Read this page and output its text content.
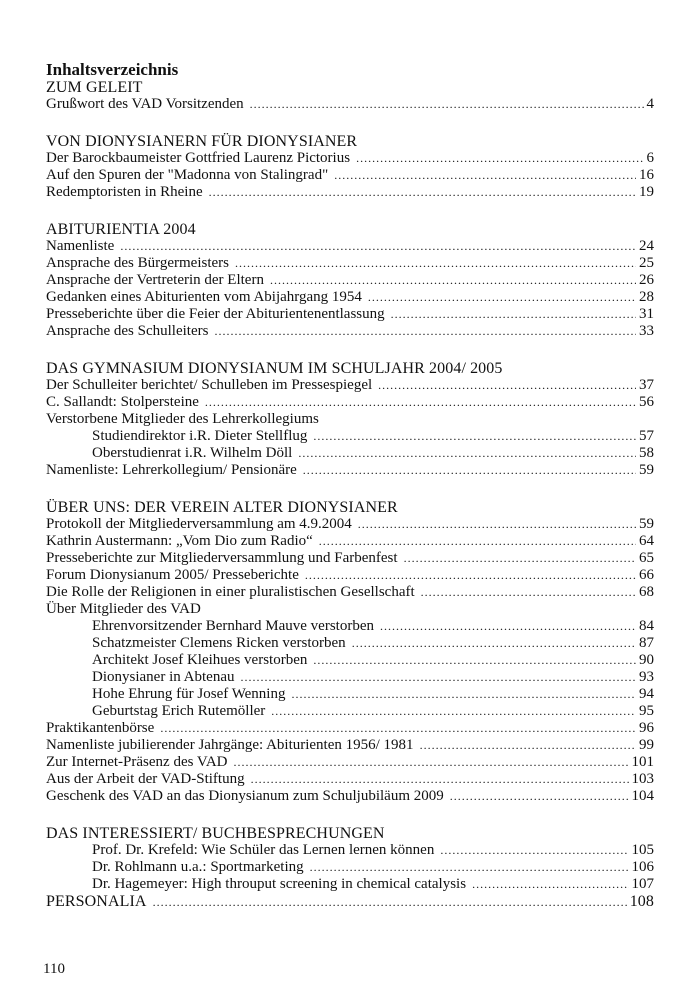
Inhaltsverzeichnis
ZUM GELEIT
Grußwort des VAD Vorsitzenden .....	4
VON DIONYSIANERN FÜR DIONYSIANER
Der Barockbaumeister Gottfried Laurenz Pictorius .....	6
Auf den Spuren der "Madonna von Stalingrad" .....	16
Redemptoristen in Rheine .....	19
ABITURIENTIA 2004
Namenliste .....	24
Ansprache des Bürgermeisters .....	25
Ansprache der Vertreterin der Eltern .....	26
Gedanken eines Abiturienten vom Abijahrgang 1954 .....	28
Presseberichte über die Feier der Abiturientenentlassung .....	31
Ansprache des Schulleiters .....	33
DAS GYMNASIUM DIONYSIANUM IM SCHULJAHR 2004/ 2005
Der Schulleiter berichtet/ Schulleben im Pressespiegel .....	37
C. Sallandt: Stolpersteine .....	56
Verstorbene Mitglieder des Lehrerkollegiums
Studiendirektor i.R. Dieter Stellflug .....	57
Oberstudienrat i.R. Wilhelm Döll .....	58
Namenliste: Lehrerkollegium/ Pensionäre .....	59
ÜBER UNS: DER VEREIN ALTER DIONYSIANER
Protokoll der Mitgliederversammlung am 4.9.2004 .....	59
Kathrin Austermann: „Vom Dio zum Radio“ .....	64
Presseberichte zur Mitgliederversammlung und Farbenfest .....	65
Forum Dionysianum 2005/ Presseberichte .....	66
Die Rolle der Religionen in einer pluralistischen Gesellschaft .....	68
Über Mitglieder des VAD
Ehrenvorsitzender Bernhard Mauve verstorben .....	84
Schatzmeister Clemens Ricken verstorben .....	87
Architekt Josef Kleihues verstorben .....	90
Dionysianer in Abtenau .....	93
Hohe Ehrung für Josef Wenning .....	94
Geburtstag Erich Rutemöller .....	95
Praktikantenbörse .....	96
Namenliste jubilierender Jahrgänge: Abiturienten 1956/ 1981 .....	99
Zur Internet-Präsenz des VAD .....	101
Aus der Arbeit der VAD-Stiftung .....	103
Geschenk des VAD an das Dionysianum zum Schuljubiläum 2009 .....	104
DAS INTERESSIERT/ BUCHBESPRECHUNGEN
Prof. Dr. Krefeld: Wie Schüler das Lernen lernen können .....	105
Dr. Rohlmann u.a.: Sportmarketing .....	106
Dr. Hagemeyer: High throuput screening in chemical catalysis .....	107
PERSONALIA .....	108
110
